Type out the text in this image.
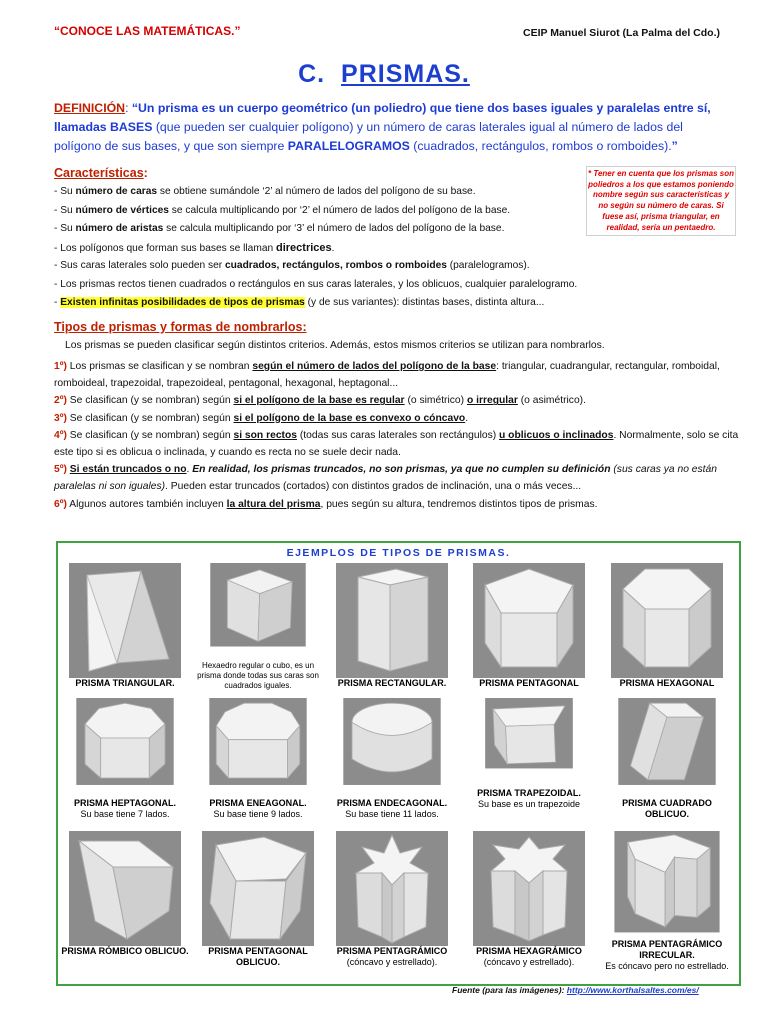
“CONOCE LAS MATEMÁTICAS.”	CEIP Manuel Siurot (La Palma del Cdo.)
C. PRISMAS.
DEFINICIÓN: “Un prisma es un cuerpo geométrico (un poliedro) que tiene dos bases iguales y paralelas entre sí, llamadas BASES (que pueden ser cualquier polígono) y un número de caras laterales igual al número de lados del polígono de sus bases, y que son siempre PARALELOGRAMOS (cuadrados, rectángulos, rombos o romboides).”
* Tener en cuenta que los prismas son poliedros a los que estamos poniendo nombre según sus características y no según su número de caras. Si fuese así, prisma triangular, en realidad, sería un pentaedro.
Características:
- Su número de caras se obtiene sumándole ‘2’ al número de lados del polígono de su base.
- Su número de vértices se calcula multiplicando por ‘2’ el número de lados del polígono de la base.
- Su número de aristas se calcula multiplicando por ‘3’ el número de lados del polígono de la base.
- Los polígonos que forman sus bases se llaman directrices.
- Sus caras laterales solo pueden ser cuadrados, rectángulos, rombos o romboides (paralelogramos).
- Los prismas rectos tienen cuadrados o rectángulos en sus caras laterales, y los oblicuos, cualquier paralelogramo.
- Existen infinitas posibilidades de tipos de prismas (y de sus variantes): distintas bases, distinta altura...
Tipos de prismas y formas de nombrarlos:
Los prismas se pueden clasificar según distintos criterios. Además, estos mismos criterios se utilizan para nombrarlos.
1º) Los prismas se clasifican y se nombran según el número de lados del polígono de la base: triangular, cuadrangular, rectangular, romboidal, romboideal, trapezoidal, trapezoideal, pentagonal, hexagonal, heptagonal...
2º) Se clasifican (y se nombran) según si el polígono de la base es regular (o simétrico) o irregular (o asimétrico).
3º) Se clasifican (y se nombran) según si el polígono de la base es convexo o cóncavo.
4º) Se clasifican (y se nombran) según si son rectos (todas sus caras laterales son rectángulos) u oblicuos o inclinados. Normalmente, solo se cita este tipo si es oblicua o inclinada, y cuando es recta no se suele decir nada.
5º) Si están truncados o no. En realidad, los prismas truncados, no son prismas, ya que no cumplen su definición (sus caras ya no están paralelas ni son iguales). Pueden estar truncados (cortados) con distintos grados de inclinación, una o más veces...
6º) Algunos autores también incluyen la altura del prisma, pues según su altura, tendremos distintos tipos de prismas.
EJEMPLOS DE TIPOS DE PRISMAS.
PRISMA TRIANGULAR.
Hexaedro regular o cubo, es un prisma donde todas sus caras son cuadrados iguales.	PRISMA RECTANGULAR.	PRISMA PENTAGONAL	PRISMA HEXAGONAL
PRISMA HEPTAGONAL.
Su base tiene 7 lados.
PRISMA ENEAGONAL.
Su base tiene 9 lados.
PRISMA ENDECAGONAL.
Su base tiene 11 lados.
PRISMA TRAPEZOIDAL.
Su base es un trapezoide	PRISMA CUADRADO OBLICUO.
PRISMA RÓMBICO OBLICUO.	PRISMA PENTAGONAL OBLICUO.
PRISMA PENTAGRÁMICO
(cóncavo y estrellado).
PRISMA HEXAGRÁMICO
(cóncavo y estrellado).
PRISMA PENTAGRÁMICO IRRECULAR.
Es cóncavo pero no estrellado.
Fuente (para las imágenes): http://www.korthalsaltes.com/es/
